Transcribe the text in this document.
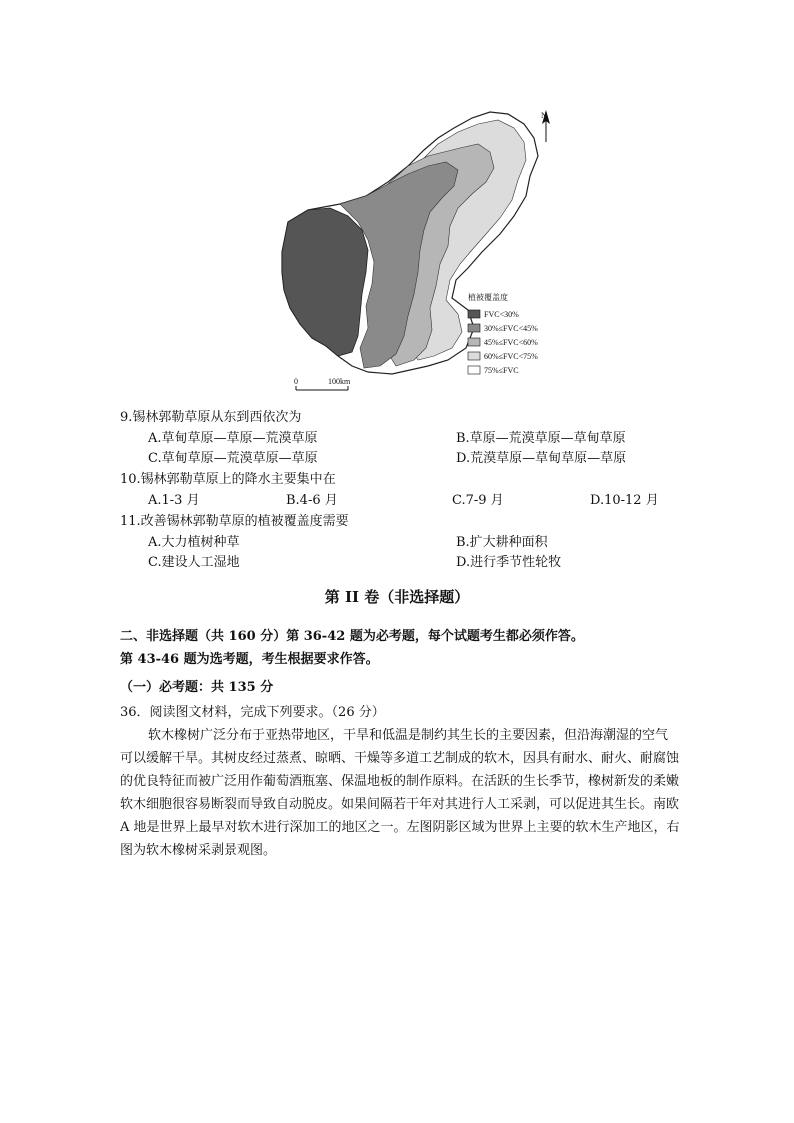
N
植被覆盖度
FVC<30%
30%≤FVC<45%
45%≤FVC<60%
60%≤FVC<75%
75%≤FVC
0	100km
9.锡林郭勒草原从东到西依次为
A.草甸草原—草原—荒漠草原	B.草原—荒漠草原—草甸草原
C.草甸草原—荒漠草原—草原	D.荒漠草原—草甸草原—草原
10.锡林郭勒草原上的降水主要集中在
A.1-3 月	B.4-6 月	C.7-9 月	D.10-12 月
11.改善锡林郭勒草原的植被覆盖度需要
A.大力植树种草	B.扩大耕种面积
C.建设人工湿地	D.进行季节性轮牧
第 II 卷（非选择题）
二、非选择题（共 160 分）第 36-42 题为必考题，每个试题考生都必须作答。
第 43-46 题为选考题，考生根据要求作答。
（一）必考题：共 135 分
36．阅读图文材料，完成下列要求。（26 分）
软木橡树广泛分布于亚热带地区，干旱和低温是制约其生长的主要因素，但沿海潮湿的空气可以缓解干旱。其树皮经过蒸煮、晾晒、干燥等多道工艺制成的软木，因具有耐水、耐火、耐腐蚀的优良特征而被广泛用作葡萄酒瓶塞、保温地板的制作原料。在活跃的生长季节，橡树新发的柔嫩软木细胞很容易断裂而导致自动脱皮。如果间隔若干年对其进行人工采剥，可以促进其生长。南欧 A 地是世界上最早对软木进行深加工的地区之一。左图阴影区域为世界上主要的软木生产地区，右图为软木橡树采剥景观图。
